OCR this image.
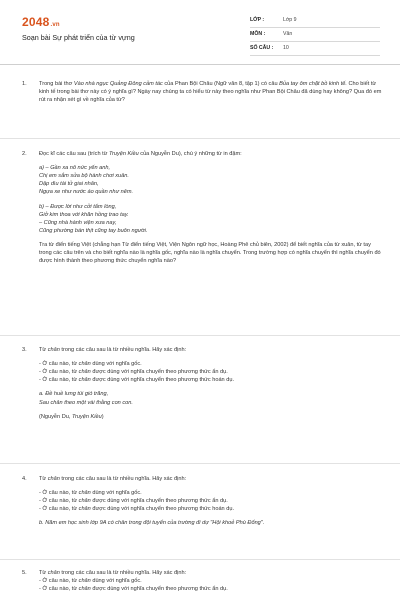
2048.vn
Soạn bài Sự phát triển của từ vựng
LỚP :	Lớp 9
MÔN :	Văn
SỐ CÂU :	10
1.	Trong bài thơ Vào nhà ngục Quảng Đông cảm tác của Phan Bội Châu (Ngữ văn 8, tập 1) có câu Bủa tay ôm chặt bồ kinh tế. Cho biết từ kinh tế trong bài thơ này có ý nghĩa gì? Ngày nay chúng ta có hiểu từ này theo nghĩa như Phan Bội Châu đã dùng hay không? Qua đó em rút ra nhận xét gì về nghĩa của từ?

2.	Đọc kĩ các câu sau (trích từ Truyện Kiều của Nguyễn Du), chú ý những từ in đậm:

a) – Gần xa nô nức yến anh,

Chị em sắm sửa bộ hành chơi xuân.

Dập dìu tài tử giai nhân,

Ngựa xe như nước áo quần như nêm.

b) – Được lời như cởi tấm lòng,

Giở kim thoa với khăn hồng trao tay.

– Cũng nhà hành viện xưa nay,

Cũng phường bán thịt cũng tay buôn người.

Tra từ điển tiếng Việt (chẳng hạn Từ điển tiếng Việt, Viện Ngôn ngữ học, Hoàng Phê chủ biên, 2002) để biết nghĩa của từ xuân, từ tay trong các câu trên và cho biết nghĩa nào là nghĩa gốc, nghĩa nào là nghĩa chuyển. Trong trường hợp có nghĩa chuyển thì nghĩa chuyển đó được hình thành theo phương thức chuyển nghĩa nào?

3.	Từ chân trong các câu sau là từ nhiều nghĩa. Hãy xác định:

- Ở câu nào, từ chân dùng với nghĩa gốc.

- Ở câu nào, từ chân được dùng với nghĩa chuyển theo phương thức ẩn dụ.

- Ở câu nào, từ chân được dùng với nghĩa chuyển theo phương thức hoán dụ.

a. Đề huề lưng túi gió trăng,

Sau chân theo một vài thằng con con.

(Nguyễn Du, Truyện Kiều)

4.	Từ chân trong các câu sau là từ nhiều nghĩa. Hãy xác định:

- Ở câu nào, từ chân dùng với nghĩa gốc.

- Ở câu nào, từ chân được dùng với nghĩa chuyển theo phương thức ẩn dụ.

- Ở câu nào, từ chân được dùng với nghĩa chuyển theo phương thức hoán dụ.

b. Năm em học sinh lớp 9A có chân trong đội tuyển của trường đi dự "Hội khoẻ Phù Đổng".

5.	Từ chân trong các câu sau là từ nhiều nghĩa. Hãy xác định:

- Ở câu nào, từ chân dùng với nghĩa gốc.

- Ở câu nào, từ chân được dùng với nghĩa chuyển theo phương thức ẩn dụ.
